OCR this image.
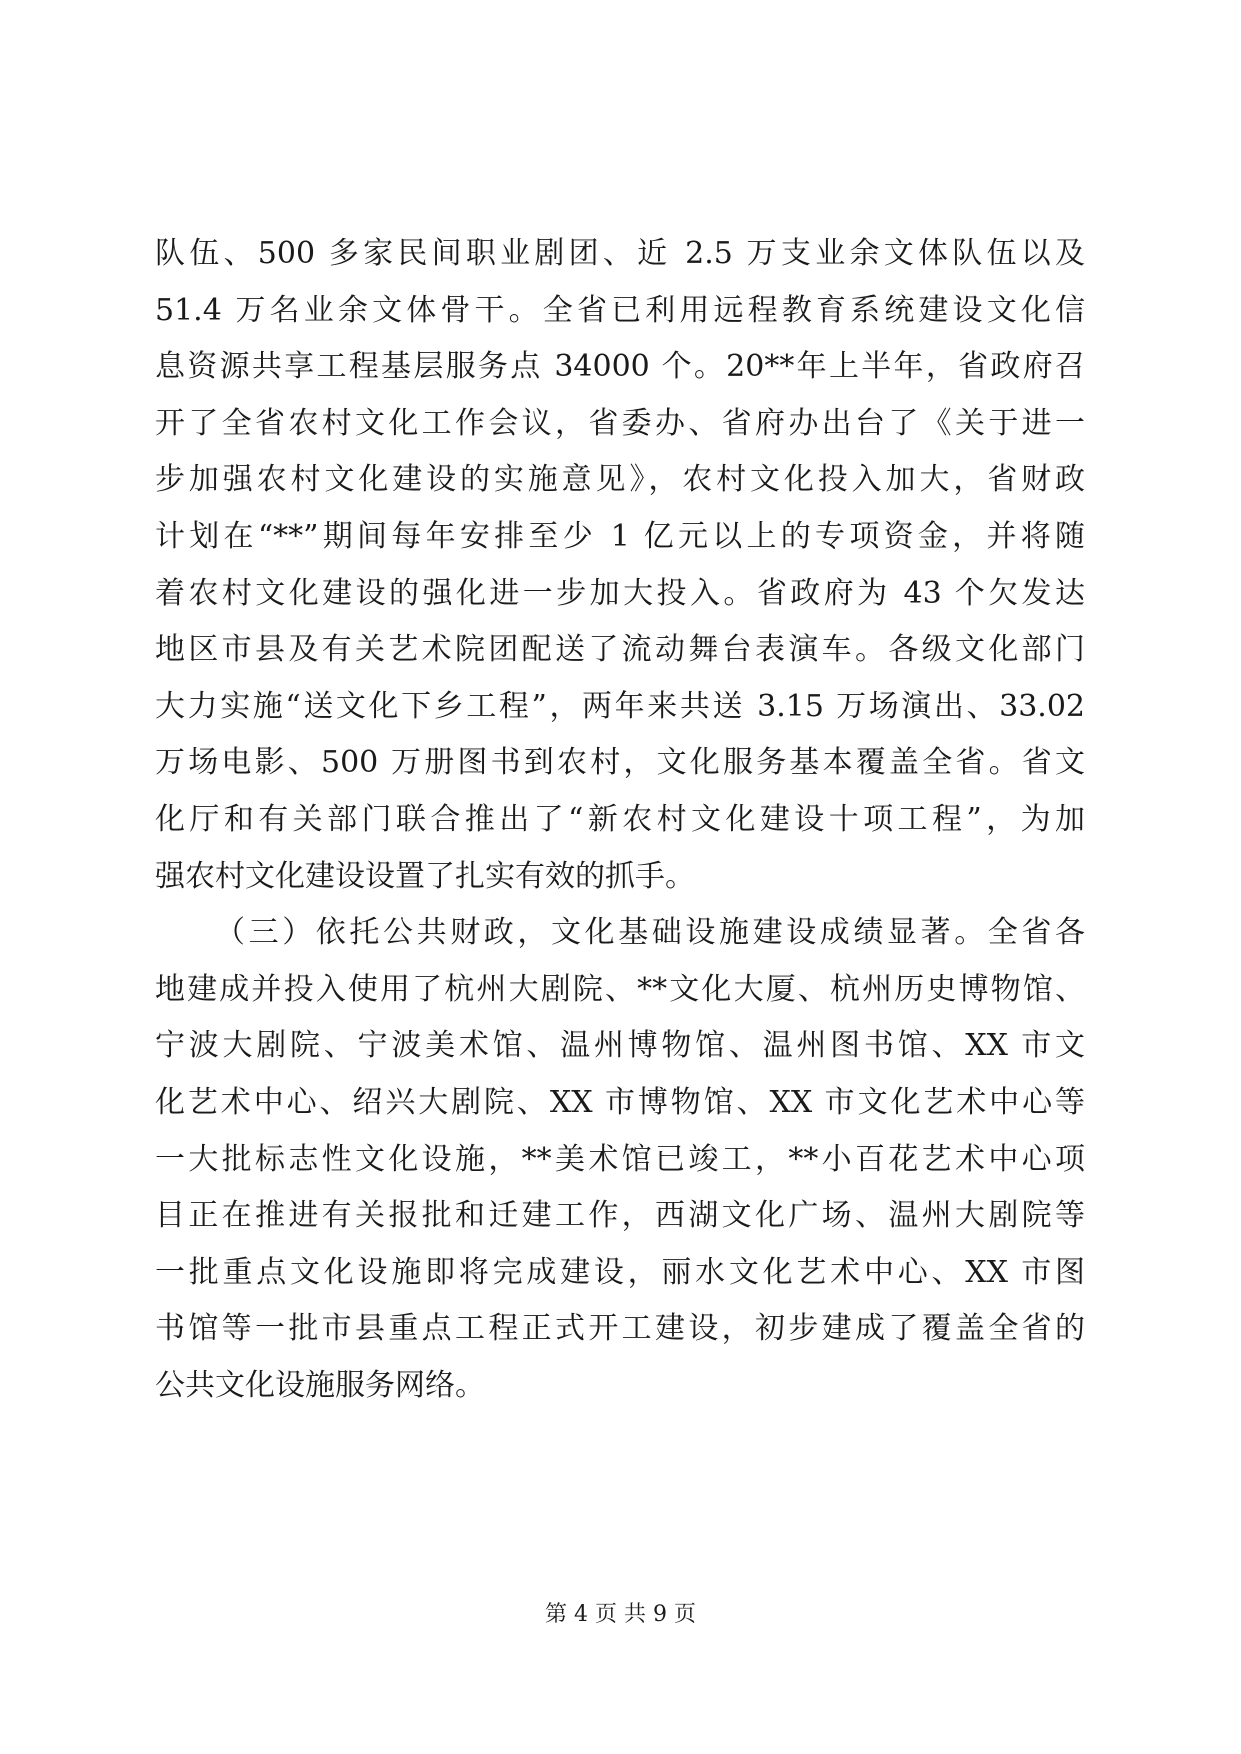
队伍、500 多家民间职业剧团、近 2.5 万支业余文体队伍以及
51.4 万名业余文体骨干。全省已利用远程教育系统建设文化信
息资源共享工程基层服务点 34000 个。20**年上半年，省政府召
开了全省农村文化工作会议，省委办、省府办出台了《关于进一
步加强农村文化建设的实施意见》，农村文化投入加大，省财政
计划在“**”期间每年安排至少 1 亿元以上的专项资金，并将随
着农村文化建设的强化进一步加大投入。省政府为 43 个欠发达
地区市县及有关艺术院团配送了流动舞台表演车。各级文化部门
大力实施“送文化下乡工程”，两年来共送 3.15 万场演出、33.02
万场电影、500 万册图书到农村，文化服务基本覆盖全省。省文
化厅和有关部门联合推出了“新农村文化建设十项工程”，为加
强农村文化建设设置了扎实有效的抓手。
（三）依托公共财政，文化基础设施建设成绩显著。全省各
地建成并投入使用了杭州大剧院、**文化大厦、杭州历史博物馆、
宁波大剧院、宁波美术馆、温州博物馆、温州图书馆、XX 市文
化艺术中心、绍兴大剧院、XX 市博物馆、XX 市文化艺术中心等
一大批标志性文化设施，**美术馆已竣工，**小百花艺术中心项
目正在推进有关报批和迁建工作，西湖文化广场、温州大剧院等
一批重点文化设施即将完成建设，丽水文化艺术中心、XX 市图
书馆等一批市县重点工程正式开工建设，初步建成了覆盖全省的
公共文化设施服务网络。
第 4 页 共 9 页
